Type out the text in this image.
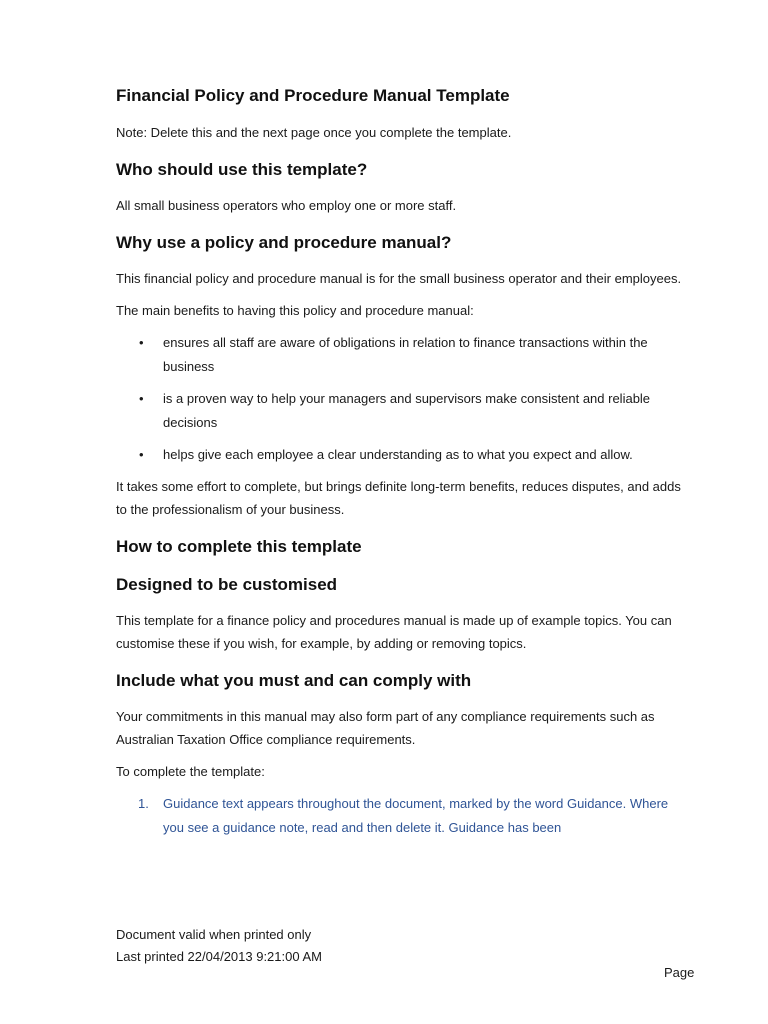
Financial Policy and Procedure Manual Template

Note: Delete this and the next page once you complete the template.

Who should use this template?

All small business operators who employ one or more staff.

Why use a policy and procedure manual?

This financial policy and procedure manual is for the small business operator and their employees.

The main benefits to having this policy and procedure manual:

• ensures all staff are aware of obligations in relation to finance transactions within the business
• is a proven way to help your managers and supervisors make consistent and reliable decisions
• helps give each employee a clear understanding as to what you expect and allow.

It takes some effort to complete, but brings definite long-term benefits, reduces disputes, and adds to the professionalism of your business.

How to complete this template
Designed to be customised

This template for a finance policy and procedures manual is made up of example topics. You can customise these if you wish, for example, by adding or removing topics.

Include what you must and can comply with

Your commitments in this manual may also form part of any compliance requirements such as Australian Taxation Office compliance requirements.

To complete the template:

1. Guidance text appears throughout the document, marked by the word Guidance. Where you see a guidance note, read and then delete it. Guidance has been
Document valid when printed only
Last printed 22/04/2013 9:21:00 AM
Page
